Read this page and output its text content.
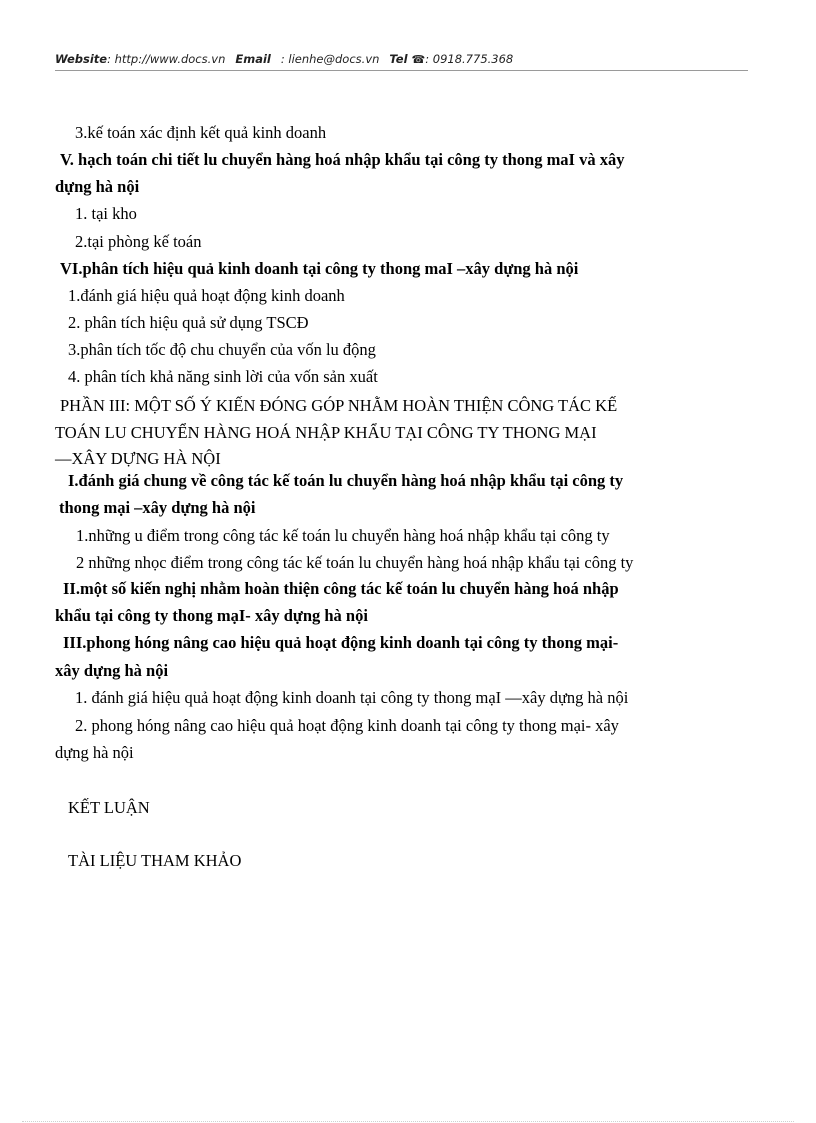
Website: http://www.docs.vn Email : lienhe@docs.vn Tel ☎: 0918.775.368
3.kế toán xác định kết quả kinh doanh
V. hạch toán chi tiết lu chuyển hàng hoá nhập khẩu tại công ty thong maI và xây
dựng hà nội
1. tại kho
2.tại phòng kế toán
VI.phân tích hiệu quả kinh doanh tại công ty thong maI –xây dựng hà nội
1.đánh giá hiệu quả hoạt động kinh doanh
2. phân tích hiệu quả sử dụng TSCĐ
3.phân tích tốc độ chu chuyển của vốn lu động
4. phân tích khả năng sinh lời của vốn sản xuất
PHẦN III: MỘT SỐ Ý KIẾN ĐÓNG GÓP NHẰM HOÀN THIỆN CÔNG TÁC KẾ
TOÁN LU CHUYỂN HÀNG HOÁ NHẬP KHẨU TẠI CÔNG TY THONG MẠI
—XÂY DỰNG HÀ NỘI
I.đánh giá chung về công tác kế toán lu chuyển hàng hoá nhập khẩu tại công ty
thong mại –xây dựng hà nội
1.những u điểm trong công tác kế toán lu chuyển hàng hoá nhập khẩu tại công ty
2 những nhọc điểm trong công tác kế toán lu chuyển hàng hoá nhập khẩu tại công ty
II.một số kiến nghị nhằm hoàn thiện công tác kế toán lu chuyển hàng hoá nhập
khẩu tại công ty thong mạI- xây dựng hà nội
III.phong hóng nâng cao hiệu quả hoạt động kinh doanh tại công ty thong mại-
xây dựng hà nội
1. đánh giá hiệu quả hoạt động kinh doanh tại công ty thong mạI —xây dựng hà nội
2. phong hóng nâng cao hiệu quả hoạt động kinh doanh tại công ty thong mại- xây
dựng hà nội
KẾT LUẬN
TÀI LIỆU THAM KHẢO
